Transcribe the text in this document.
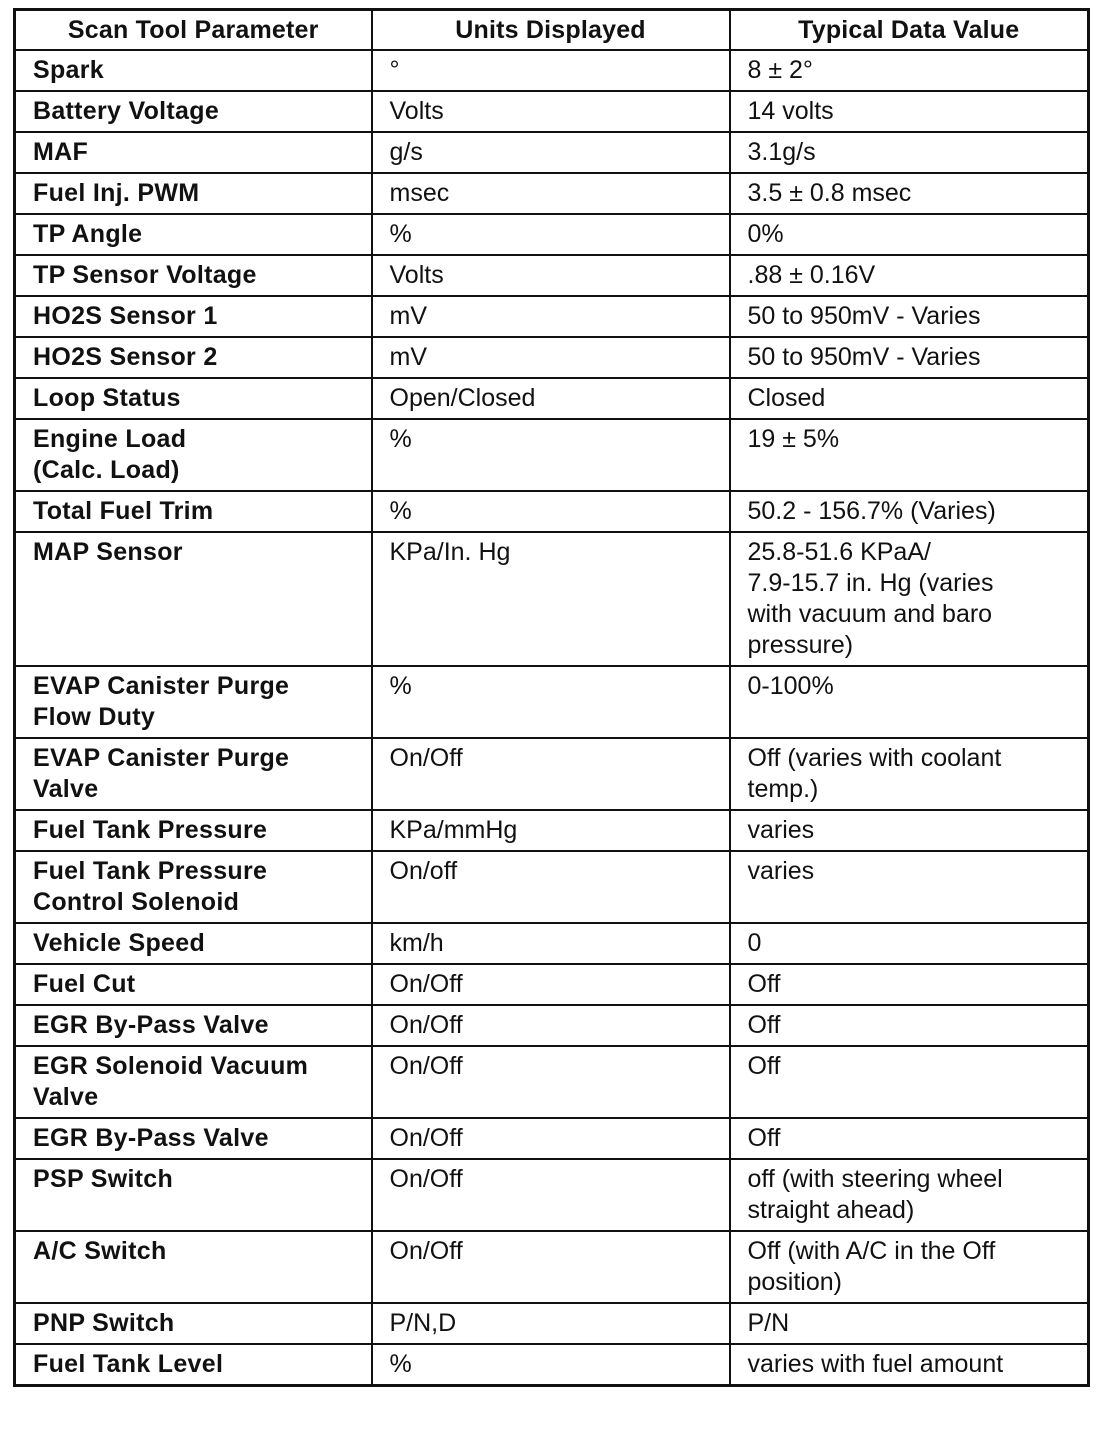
Scan Tool Parameter	Units Displayed	Typical Data Value
Spark	°	8 ± 2°
Battery Voltage	Volts	14 volts
MAF	g/s	3.1g/s
Fuel Inj. PWM	msec	3.5 ± 0.8 msec
TP Angle	%	0%
TP Sensor Voltage	Volts	.88 ± 0.16V
HO2S Sensor 1	mV	50 to 950mV - Varies
HO2S Sensor 2	mV	50 to 950mV - Varies
Loop Status	Open/Closed	Closed
Engine Load
(Calc. Load)	%	19 ± 5%
Total Fuel Trim	%	50.2 - 156.7% (Varies)
MAP Sensor	KPa/In. Hg	25.8-51.6 KPaA/
7.9-15.7 in. Hg (varies
with vacuum and baro
pressure)
EVAP Canister Purge
Flow Duty	%	0-100%
EVAP Canister Purge
Valve	On/Off	Off (varies with coolant
temp.)
Fuel Tank Pressure	KPa/mmHg	varies
Fuel Tank Pressure
Control Solenoid	On/off	varies
Vehicle Speed	km/h	0
Fuel Cut	On/Off	Off
EGR By-Pass Valve	On/Off	Off
EGR Solenoid Vacuum
Valve	On/Off	Off
EGR By-Pass Valve	On/Off	Off
PSP Switch	On/Off	off (with steering wheel
straight ahead)
A/C Switch	On/Off	Off (with A/C in the Off
position)
PNP Switch	P/N,D	P/N
Fuel Tank Level	%	varies with fuel amount
